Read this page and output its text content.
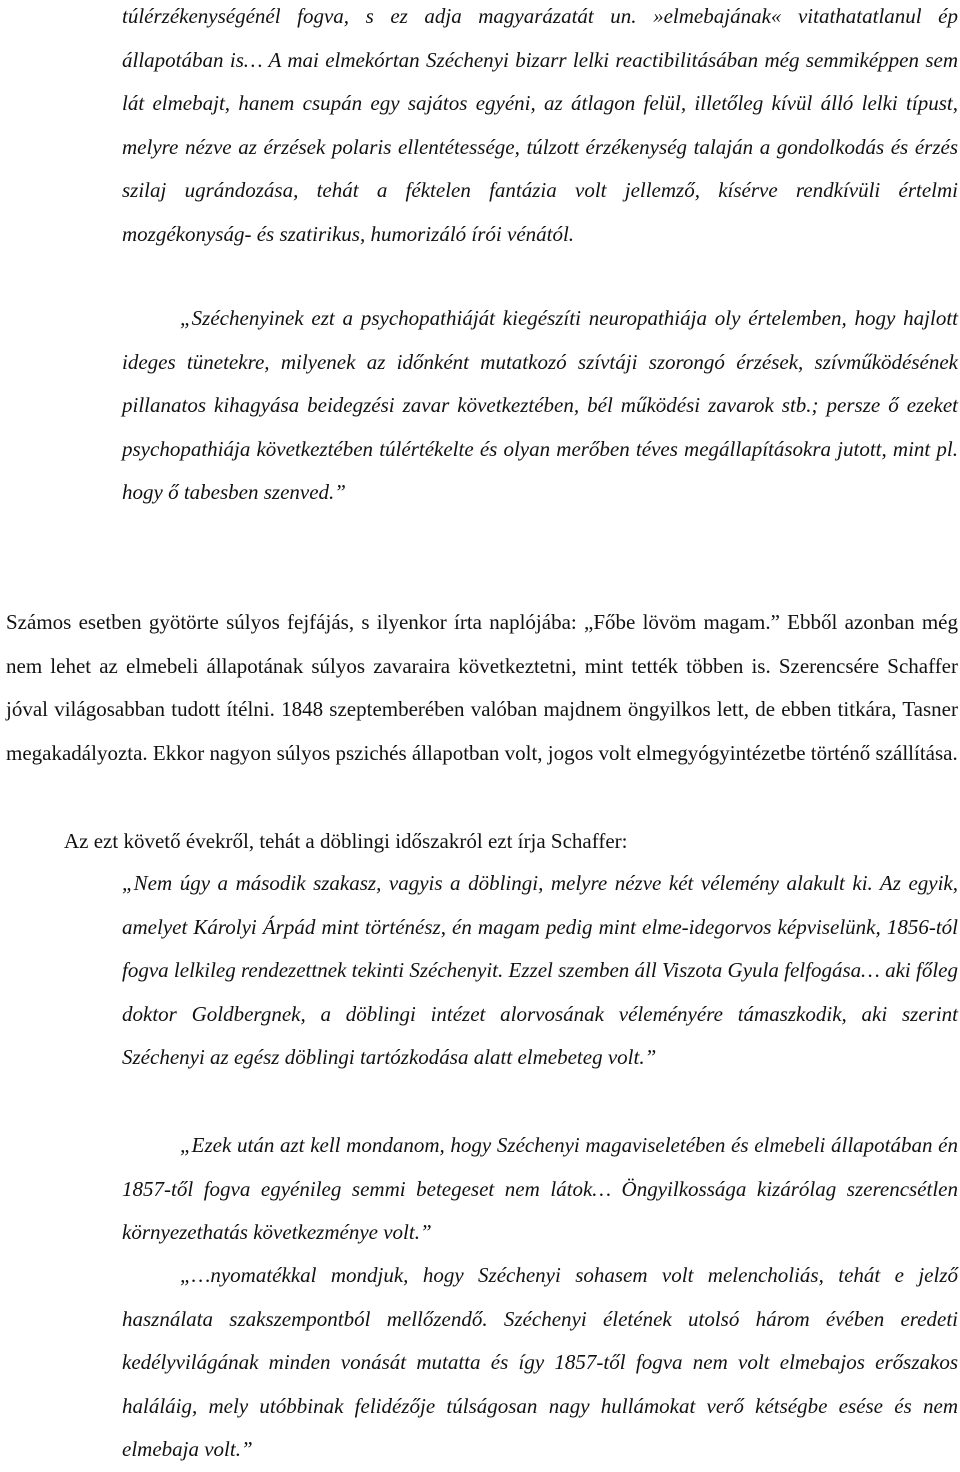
túlérzékenységénél fogva, s ez adja magyarázatát un. »elmebajának« vitathatatlanul ép állapotában is… A mai elmekórtan Széchenyi bizarr lelki reactibilitásában még semmiképpen sem lát elmebajt, hanem csupán egy sajátos egyéni, az átlagon felül, illetőleg kívül álló lelki típust, melyre nézve az érzések polaris ellentétessége, túlzott érzékenység talaján a gondolkodás és érzés szilaj ugrándozása, tehát a féktelen fantázia volt jellemző, kísérve rendkívüli értelmi mozgékonyság- és szatirikus, humorizáló írói vénától.

„Széchenyinek ezt a psychopathiáját kiegészíti neuropathiája oly értelemben, hogy hajlott ideges tünetekre, milyenek az időnként mutatkozó szívtáji szorongó érzések, szívműködésének pillanatos kihagyása beidegzési zavar következtében, bél működési zavarok stb.; persze ő ezeket psychopathiája következtében túlértékelte és olyan merőben téves megállapításokra jutott, mint pl. hogy ő tabesben szenved.”

Számos esetben gyötörte súlyos fejfájás, s ilyenkor írta naplójába: „Főbe lövöm magam.” Ebből azonban még nem lehet az elmebeli állapotának súlyos zavaraira következtetni, mint tették többen is. Szerencsére Schaffer jóval világosabban tudott ítélni. 1848 szeptemberében valóban majdnem öngyilkos lett, de ebben titkára, Tasner megakadályozta. Ekkor nagyon súlyos pszichés állapotban volt, jogos volt elmegyógyintézetbe történő szállítása.

Az ezt követő évekről, tehát a döblingi időszakról ezt írja Schaffer:

„Nem úgy a második szakasz, vagyis a döblingi, melyre nézve két vélemény alakult ki. Az egyik, amelyet Károlyi Árpád mint történész, én magam pedig mint elme-idegorvos képviselünk, 1856-tól fogva lelkileg rendezettnek tekinti Széchenyit. Ezzel szemben áll Viszota Gyula felfogása… aki főleg doktor Goldbergnek, a döblingi intézet alorvosának véleményére támaszkodik, aki szerint Széchenyi az egész döblingi tartózkodása alatt elmebeteg volt.”

„Ezek után azt kell mondanom, hogy Széchenyi magaviseletében és elmebeli állapotában én 1857-től fogva egyénileg semmi betegeset nem látok… Öngyilkossága kizárólag szerencsétlen környezethatás következménye volt.”

„…nyomatékkal mondjuk, hogy Széchenyi sohasem volt melencholiás, tehát e jelző használata szakszempontból mellőzendő. Széchenyi életének utolsó három évében eredeti kedélyvilágának minden vonását mutatta és így 1857-től fogva nem volt elmebajos erőszakos haláláig, mely utóbbinak felidézője túlságosan nagy hullámokat verő kétségbe esése és nem elmebaja volt.”
